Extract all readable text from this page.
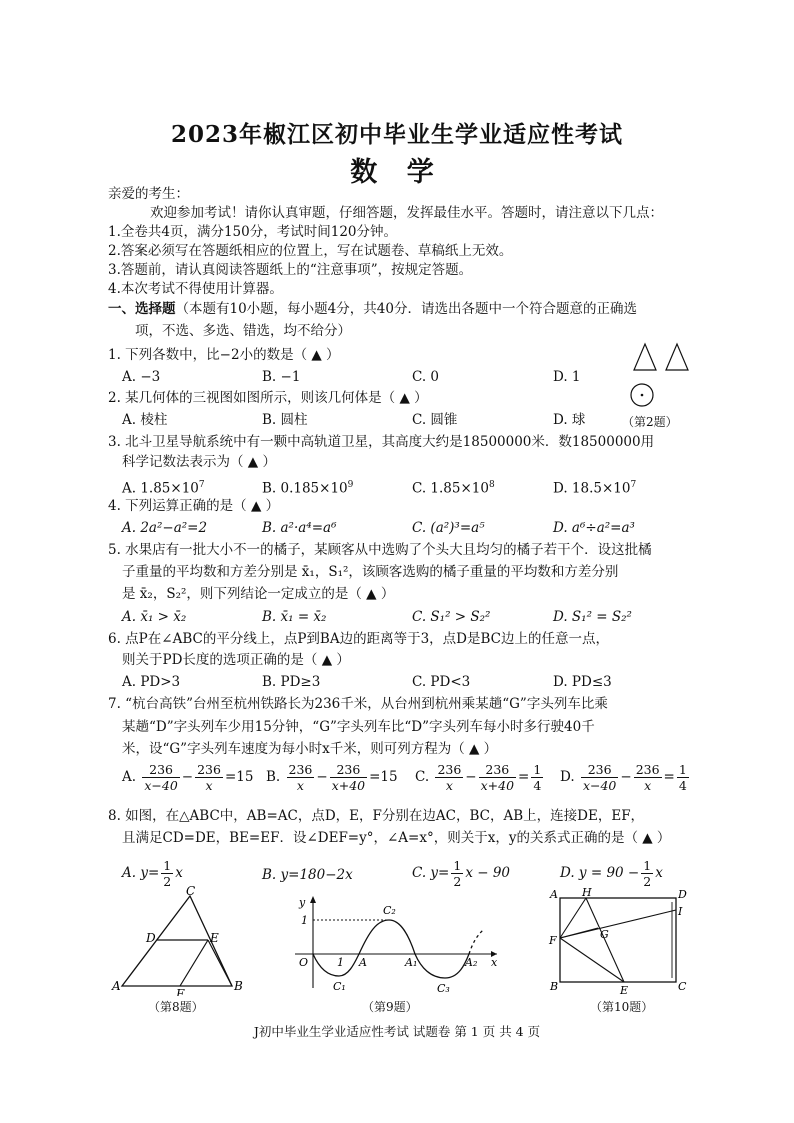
2023年椒江区初中毕业生学业适应性考试
数 学
亲爱的考生：
欢迎参加考试！请你认真审题，仔细答题，发挥最佳水平。答题时，请注意以下几点：
1.全卷共4页，满分150分，考试时间120分钟。
2.答案必须写在答题纸相应的位置上，写在试题卷、草稿纸上无效。
3.答题前，请认真阅读答题纸上的“注意事项”，按规定答题。
4.本次考试不得使用计算器。
一、选择题（本题有10小题，每小题4分，共40分．请选出各题中一个符合题意的正确选
项，不选、多选、错选，均不给分）
1. 下列各数中，比−2小的数是（ ▲ ）
A. −3	B. −1	C. 0	D. 1
（第2题）
2. 某几何体的三视图如图所示，则该几何体是（ ▲ ）
A. 棱柱	B. 圆柱	C. 圆锥	D. 球
3. 北斗卫星导航系统中有一颗中高轨道卫星，其高度大约是18500000米．数18500000用
科学记数法表示为（ ▲ ）
A. $1.85\times 10^7$	B. $0.185\times 10^9$	C. $1.85\times 10^8$	D. $18.5\times 10^7$
4. 下列运算正确的是（ ▲ ）
A. 2a²−a²=2	B. a²·a⁴=a⁶	C. (a²)³=a⁵	D. a⁶÷a²=a³
5. 水果店有一批大小不一的橘子，某顾客从中选购了个头大且均匀的橘子若干个．设这批橘
子重量的平均数和方差分别是 x̄₁，S₁²，该顾客选购的橘子重量的平均数和方差分别
是 x̄₂，S₂²，则下列结论一定成立的是（ ▲ ）
A. x̄₁ > x̄₂	B. x̄₁ = x̄₂	C. S₁² > S₂²	D. S₁² = S₂²
6. 点P在∠ABC的平分线上，点P到BA边的距离等于3，点D是BC边上的任意一点，
则关于PD长度的选项正确的是（ ▲ ）
A. PD>3	B. PD≥3	C. PD<3	D. PD≤3
7. “杭台高铁”台州至杭州铁路长为236千米，从台州到杭州乘某趟“G”字头列车比乘
某趟“D”字头列车少用15分钟，“G”字头列车比“D”字头列车每小时多行驶40千
米，设“G”字头列车速度为每小时x千米，则可列方程为（ ▲ ）
A. $\frac{236}{x-40} - \frac{236}{x} =15$ B. $\frac{236}{x} - \frac{236}{x+40} =15$ C. $\frac{236}{x} - \frac{236}{x+40} = \frac{1}{4} D$. $\frac{236}{x-40} - \frac{236}{x} = \frac{1}{4}$
8. 如图，在△ABC中，AB=AC，点D，E，F分别在边AC，BC，AB上，连接DE，EF，
且满足CD=DE，BE=EF．设∠DEF=y°，∠A=x°，则关于x，y的关系式正确的是（ ▲ ）
A. $y= \frac{1}{2}$ x	B. y=180−2x	C. $y= \frac{1}{2}$ x − 90	D. $y = 90 - \frac{1}{2}$ x
C
D	E
A
F
B
（第8题）
y
1
C₂
O	1 A	A₁	A₂ x
C₁	C₃
（第9题）
A H	D
I
G
F
B	E	C
（第10题）
J初中毕业生学业适应性考试 试题卷 第 1 页 共 4 页
